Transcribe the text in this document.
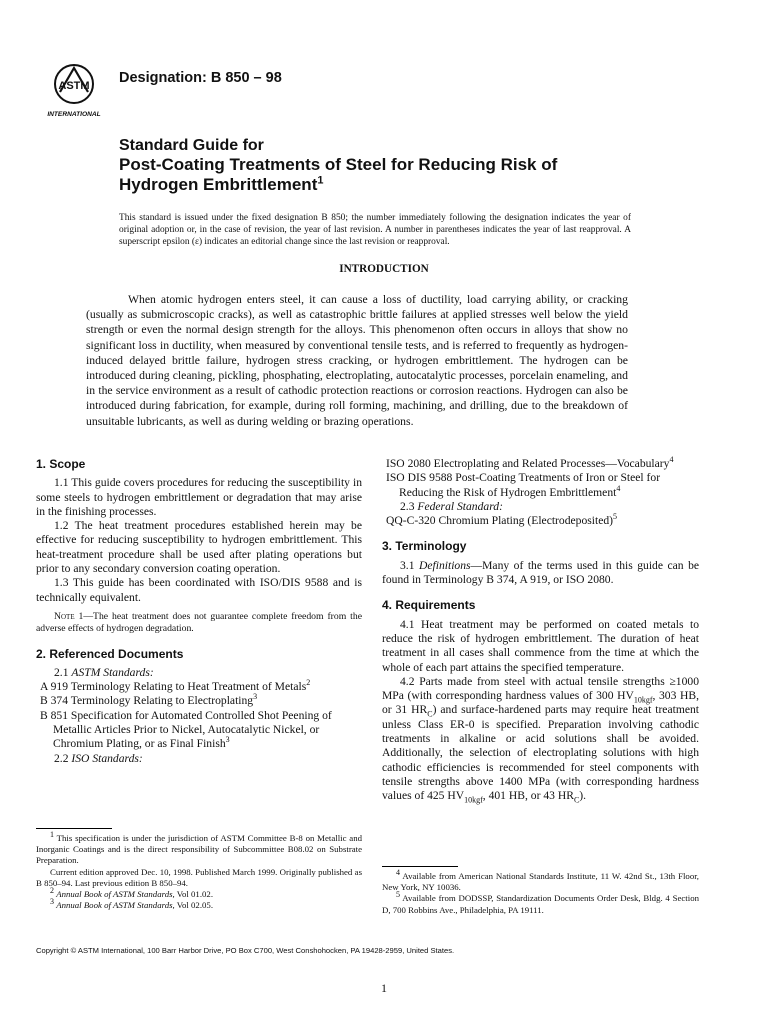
ASTM
INTERNATIONAL
Designation: B 850 – 98
Standard Guide for
Post-Coating Treatments of Steel for Reducing Risk of
Hydrogen Embrittlement$^1$
This standard is issued under the fixed designation B 850; the number immediately following the designation indicates the year of original adoption or, in the case of revision, the year of last revision. A number in parentheses indicates the year of last reapproval. A superscript epsilon (ε) indicates an editorial change since the last revision or reapproval.
INTRODUCTION
When atomic hydrogen enters steel, it can cause a loss of ductility, load carrying ability, or cracking (usually as submicroscopic cracks), as well as catastrophic brittle failures at applied stresses well below the yield strength or even the normal design strength for the alloys. This phenomenon often occurs in alloys that show no significant loss in ductility, when measured by conventional tensile tests, and is referred to frequently as hydrogen-induced delayed brittle failure, hydrogen stress cracking, or hydrogen embrittlement. The hydrogen can be introduced during cleaning, pickling, phosphating, electroplating, autocatalytic processes, porcelain enameling, and in the service environment as a result of cathodic protection reactions or corrosion reactions. Hydrogen can also be introduced during fabrication, for example, during roll forming, machining, and drilling, due to the breakdown of unsuitable lubricants, as well as during welding or brazing operations.
1. Scope

1.1 This guide covers procedures for reducing the susceptibility in some steels to hydrogen embrittlement or degradation that may arise in the finishing processes.

1.2 The heat treatment procedures established herein may be effective for reducing susceptibility to hydrogen embrittlement. This heat-treatment procedure shall be used after plating operations but prior to any secondary conversion coating operation.

1.3 This guide has been coordinated with ISO/DIS 9588 and is technically equivalent.

Note 1—The heat treatment does not guarantee complete freedom from the adverse effects of hydrogen degradation.

2. Referenced Documents

2.1 ASTM Standards:

A 919 Terminology Relating to Heat Treatment of Metals$^2$

B 374 Terminology Relating to Electroplating$^3$

B 851 Specification for Automated Controlled Shot Peening of Metallic Articles Prior to Nickel, Autocatalytic Nickel, or Chromium Plating, or as Final Finish$^3$

2.2 ISO Standards:

$^1$ This specification is under the jurisdiction of ASTM Committee B-8 on Metallic and Inorganic Coatings and is the direct responsibility of Subcommittee B08.02 on Substrate Preparation.

Current edition approved Dec. 10, 1998. Published March 1999. Originally published as B 850–94. Last previous edition B 850–94.

$^2$ Annual Book of ASTM Standards, Vol 01.02.

$^3$ Annual Book of ASTM Standards, Vol 02.05.

ISO 2080 Electroplating and Related Processes—Vocabulary$^4$

ISO DIS 9588 Post-Coating Treatments of Iron or Steel for Reducing the Risk of Hydrogen Embrittlement$^4$

2.3 Federal Standard:

QQ-C-320 Chromium Plating (Electrodeposited)$^5$

3. Terminology

3.1 Definitions—Many of the terms used in this guide can be found in Terminology B 374, A 919, or ISO 2080.

4. Requirements

4.1 Heat treatment may be performed on coated metals to reduce the risk of hydrogen embrittlement. The duration of heat treatment in all cases shall commence from the time at which the whole of each part attains the specified temperature.

4.2 Parts made from steel with actual tensile strengths ≥1000 MPa (with corresponding hardness values of 300 $HV_{10kgf}$, 303 HB, or 31 $HR_C$) and surface-hardened parts may require heat treatment unless Class ER-0 is specified. Preparation involving cathodic treatments in alkaline or acid solutions shall be avoided. Additionally, the selection of electroplating solutions with high cathodic efficiencies is recommended for steel components with tensile strengths above 1400 MPa (with corresponding hardness values of 425 $HV_{10kgf}$, 401 HB, or 43 $HR_C$).

$^4$ Available from American National Standards Institute, 11 W. 42nd St., 13th Floor, New York, NY 10036.

$^5$ Available from DODSSP, Standardization Documents Order Desk, Bldg. 4 Section D, 700 Robbins Ave., Philadelphia, PA 19111.

Copyright © ASTM International, 100 Barr Harbor Drive, PO Box C700, West Conshohocken, PA 19428-2959, United States.
1
